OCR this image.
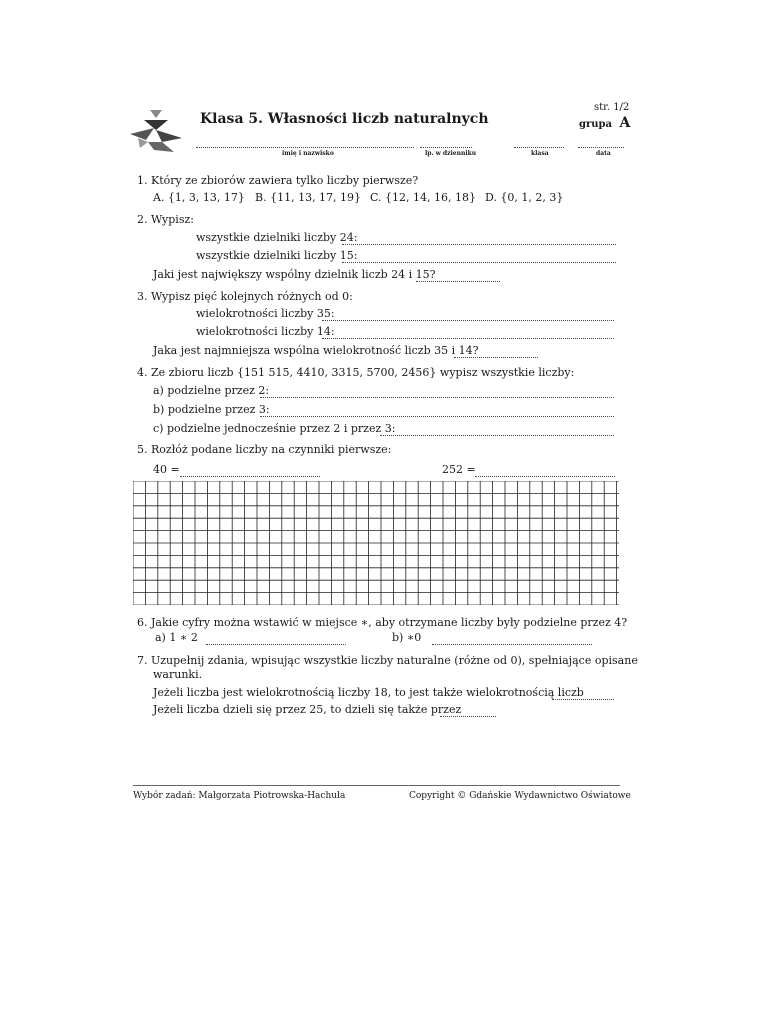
str. 1/2
Klasa 5. Własności liczb naturalnych	grupa A
imię i nazwisko	lp. w dzienniku	klasa	data
1. Który ze zbiorów zawiera tylko liczby pierwsze?
A. {1, 3, 13, 17} B. {11, 13, 17, 19} C. {12, 14, 16, 18} D. {0, 1, 2, 3}
2. Wypisz:
wszystkie dzielniki liczby 24:
wszystkie dzielniki liczby 15:
Jaki jest największy wspólny dzielnik liczb 24 i 15?
3. Wypisz pięć kolejnych różnych od 0:
wielokrotności liczby 35:
wielokrotności liczby 14:
Jaka jest najmniejsza wspólna wielokrotność liczb 35 i 14?
4. Ze zbioru liczb {151 515, 4410, 3315, 5700, 2456} wypisz wszystkie liczby:
a) podzielne przez 2:
b) podzielne przez 3:
c) podzielne jednocześnie przez 2 i przez 3:
5. Rozłóż podane liczby na czynniki pierwsze:
40 =	252 =
6. Jakie cyfry można wstawić w miejsce ∗, aby otrzymane liczby były podzielne przez 4?
a) 1 ∗ 2	b) ∗0
7. Uzupełnij zdania, wpisując wszystkie liczby naturalne (różne od 0), spełniające opisane
warunki.
Jeżeli liczba jest wielokrotnością liczby 18, to jest także wielokrotnością liczb
Jeżeli liczba dzieli się przez 25, to dzieli się także przez
Wybór zadań: Małgorzata Piotrowska-Hachuła	Copyright © Gdańskie Wydawnictwo Oświatowe
